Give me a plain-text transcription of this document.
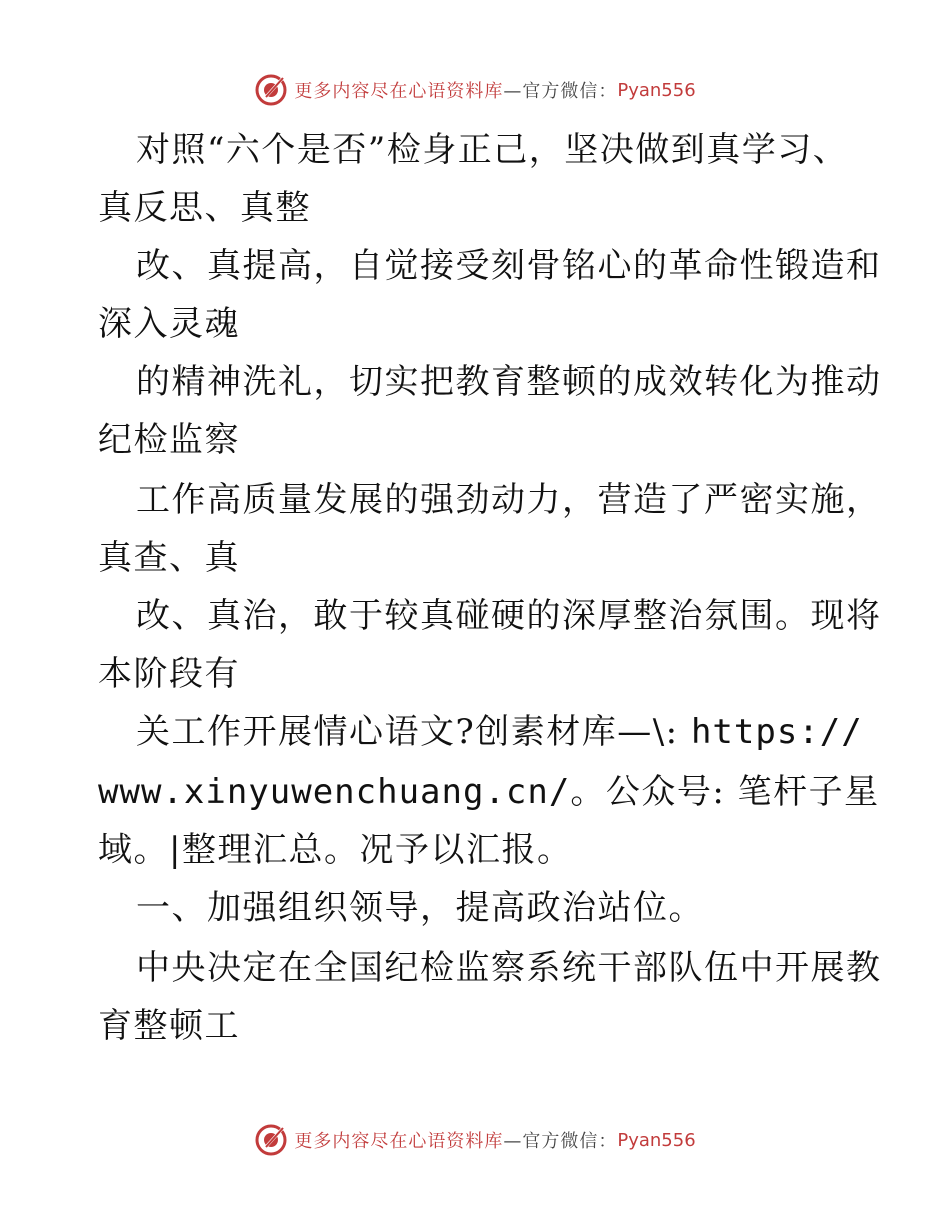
更多内容尽在心语资料库 —官方微信： Pyan556
对照“六个是否”检身正己，坚决做到真学习、
真反思、真整
改、真提高，自觉接受刻骨铭心的革命性锻造和
深入灵魂
的精神洗礼，切实把教育整顿的成效转化为推动
纪检监察
工作高质量发展的强劲动力，营造了严密实施，
真查、真
改、真治，敢于较真碰硬的深厚整治氛围。现将
本阶段有
关工作开展情心语文?创素材库—\: https://
www.xinyuwenchuang.cn/。公众号: 笔杆子星
域。|整理汇总。况予以汇报。
一、加强组织领导，提高政治站位。
中央决定在全国纪检监察系统干部队伍中开展教
育整顿工
更多内容尽在心语资料库 —官方微信： Pyan556
